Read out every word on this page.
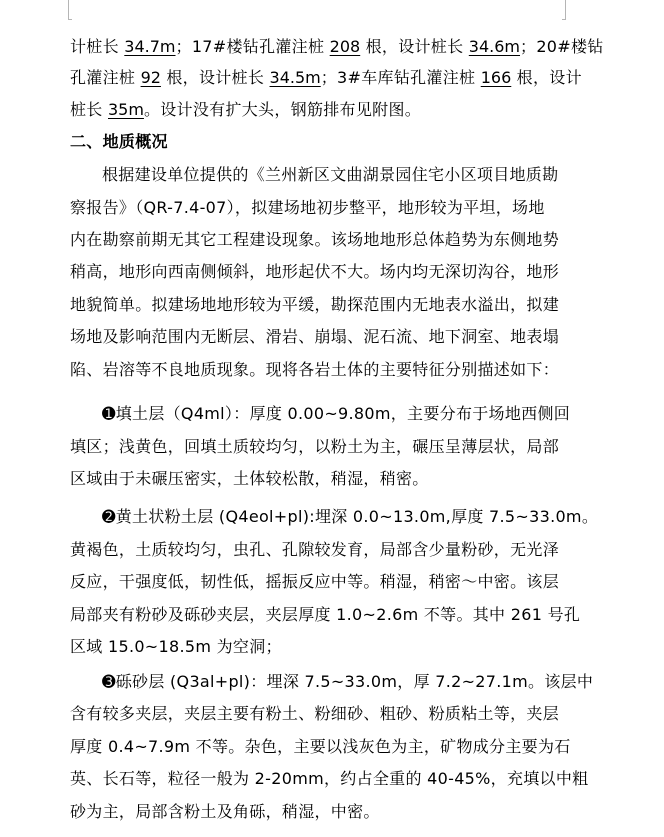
计桩长 34.7m；17#楼钻孔灌注桩 208 根，设计桩长 34.6m；20#楼钻
孔灌注桩 92 根，设计桩长 34.5m；3#车库钻孔灌注桩 166 根，设计
桩长 35m。设计没有扩大头，钢筋排布见附图。
二、地质概况
根据建设单位提供的《兰州新区文曲湖景园住宅小区项目地质勘
察报告》（QR-7.4-07），拟建场地初步整平，地形较为平坦，场地
内在勘察前期无其它工程建设现象。该场地地形总体趋势为东侧地势
稍高，地形向西南侧倾斜，地形起伏不大。场内均无深切沟谷，地形
地貌简单。拟建场地地形较为平缓，勘探范围内无地表水溢出，拟建
场地及影响范围内无断层、滑岩、崩塌、泥石流、地下洞室、地表塌
陷、岩溶等不良地质现象。现将各岩土体的主要特征分别描述如下：
➊填土层（Q4ml）：厚度 0.00~9.80m，主要分布于场地西侧回
填区；浅黄色，回填土质较均匀，以粉土为主，碾压呈薄层状，局部
区域由于未碾压密实，土体较松散，稍湿，稍密。
➋黄土状粉土层 (Q4eol+pl):埋深 0.0~13.0m,厚度 7.5~33.0m。
黄褐色，土质较均匀，虫孔、孔隙较发育，局部含少量粉砂，无光泽
反应，干强度低，韧性低，摇振反应中等。稍湿，稍密～中密。该层
局部夹有粉砂及砾砂夹层，夹层厚度 1.0~2.6m 不等。其中 261 号孔
区域 15.0~18.5m 为空洞；
➌砾砂层 (Q3al+pl)：埋深 7.5~33.0m，厚 7.2~27.1m。该层中
含有较多夹层，夹层主要有粉土、粉细砂、粗砂、粉质粘土等，夹层
厚度 0.4~7.9m 不等。杂色，主要以浅灰色为主，矿物成分主要为石
英、长石等，粒径一般为 2-20mm，约占全重的 40-45%，充填以中粗
砂为主，局部含粉土及角砾，稍湿，中密。
